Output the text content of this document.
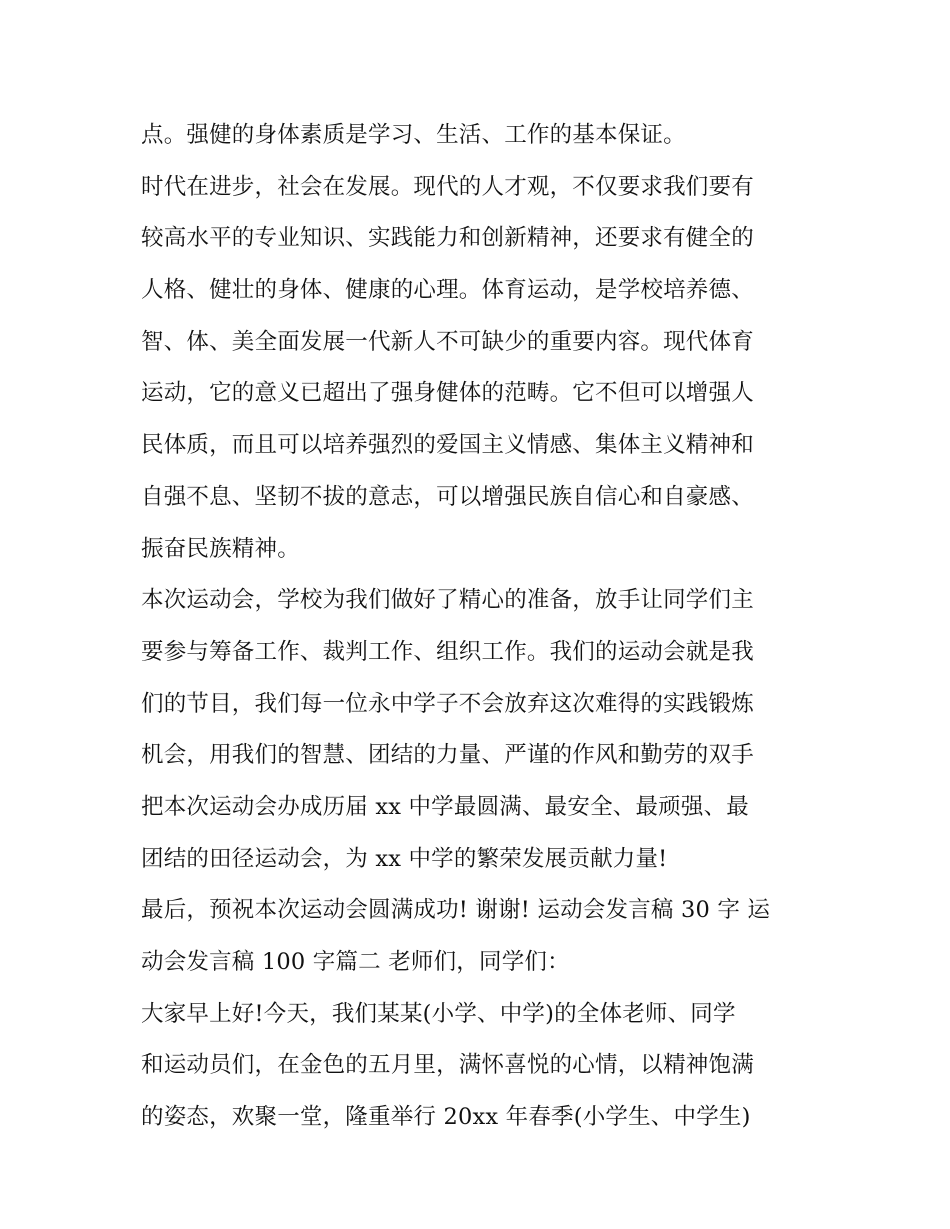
点。强健的身体素质是学习、生活、工作的基本保证。
时代在进步，社会在发展。现代的人才观，不仅要求我们要有
较高水平的专业知识、实践能力和创新精神，还要求有健全的
人格、健壮的身体、健康的心理。体育运动，是学校培养德、
智、体、美全面发展一代新人不可缺少的重要内容。现代体育
运动，它的意义已超出了强身健体的范畴。它不但可以增强人
民体质，而且可以培养强烈的爱国主义情感、集体主义精神和
自强不息、坚韧不拔的意志，可以增强民族自信心和自豪感、
振奋民族精神。
本次运动会，学校为我们做好了精心的准备，放手让同学们主
要参与筹备工作、裁判工作、组织工作。我们的运动会就是我
们的节目，我们每一位永中学子不会放弃这次难得的实践锻炼
机会，用我们的智慧、团结的力量、严谨的作风和勤劳的双手
把本次运动会办成历届 xx 中学最圆满、最安全、最顽强、最
团结的田径运动会，为 xx 中学的繁荣发展贡献力量!
最后，预祝本次运动会圆满成功! 谢谢! 运动会发言稿 30 字 运
动会发言稿 100 字篇二 老师们，同学们：
大家早上好!今天，我们某某(小学、中学)的全体老师、同学
和运动员们，在金色的五月里，满怀喜悦的心情，以精神饱满
的姿态，欢聚一堂，隆重举行 20xx 年春季(小学生、中学生)
